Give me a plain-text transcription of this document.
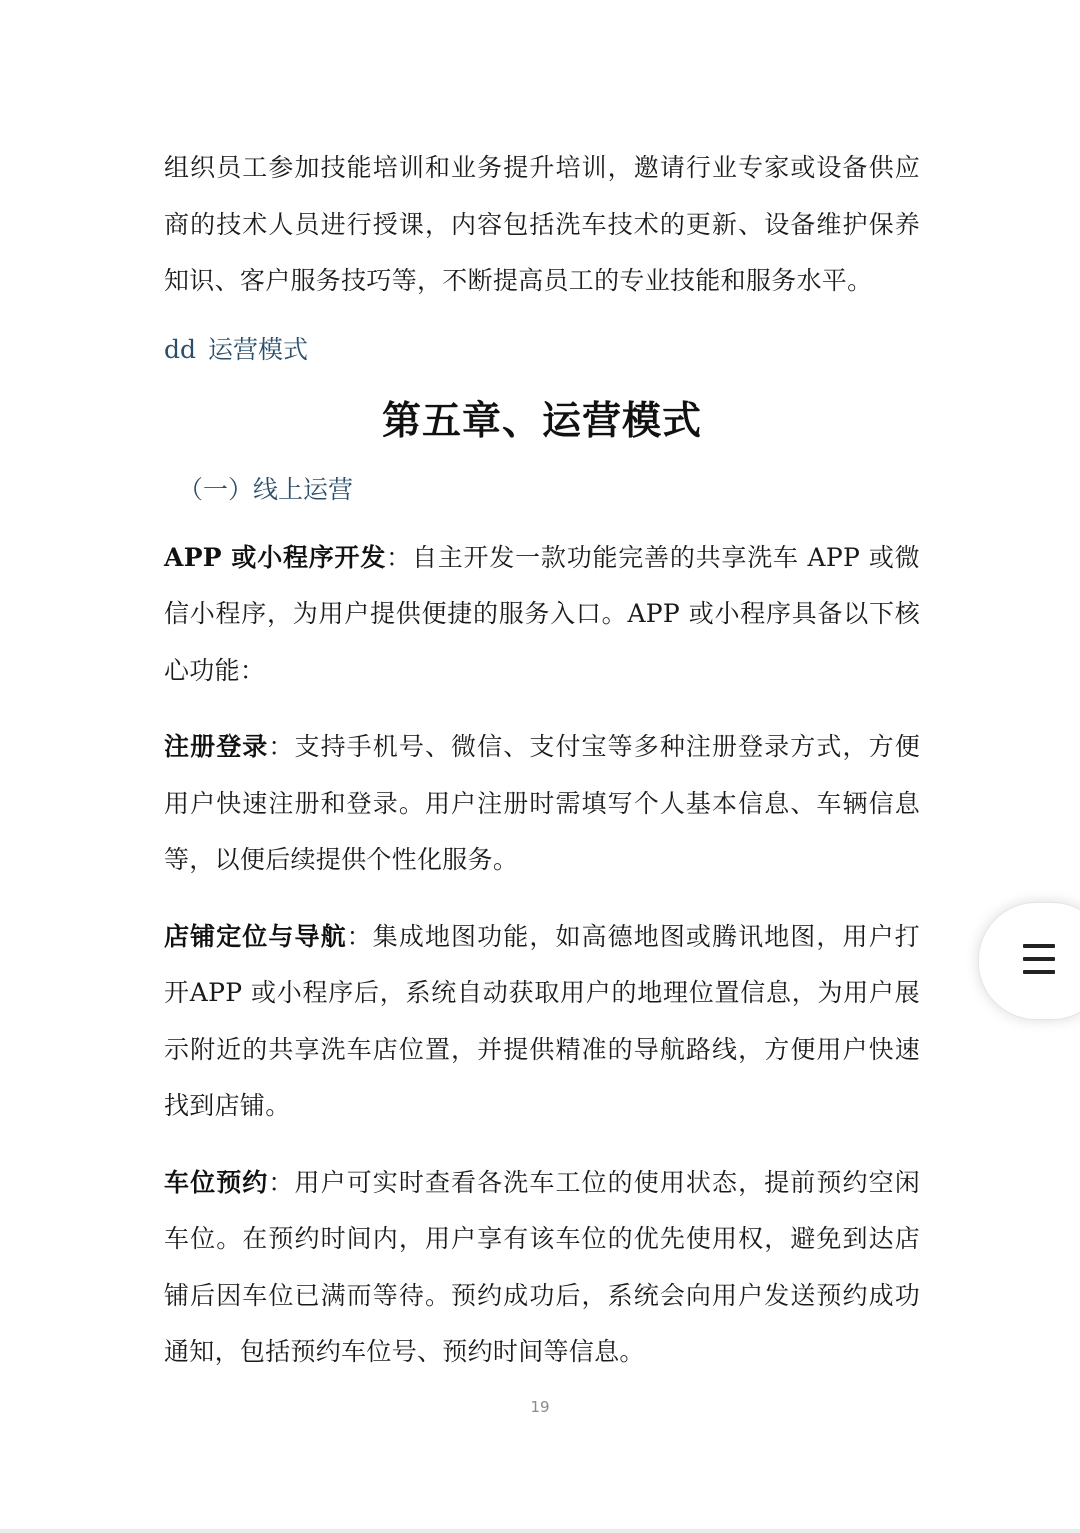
组织员工参加技能培训和业务提升培训，邀请行业专家或设备供应商的技术人员进行授课，内容包括洗车技术的更新、设备维护保养知识、客户服务技巧等，不断提高员工的专业技能和服务水平。

dd 运营模式
第五章、运营模式
（一）线上运营

APP 或小程序开发：自主开发一款功能完善的共享洗车 APP 或微信小程序，为用户提供便捷的服务入口。APP 或小程序具备以下核心功能：

注册登录：支持手机号、微信、支付宝等多种注册登录方式，方便用户快速注册和登录。用户注册时需填写个人基本信息、车辆信息等，以便后续提供个性化服务。

店铺定位与导航：集成地图功能，如高德地图或腾讯地图，用户打开APP 或小程序后，系统自动获取用户的地理位置信息，为用户展示附近的共享洗车店位置，并提供精准的导航路线，方便用户快速找到店铺。

车位预约：用户可实时查看各洗车工位的使用状态，提前预约空闲车位。在预约时间内，用户享有该车位的优先使用权，避免到达店铺后因车位已满而等待。预约成功后，系统会向用户发送预约成功通知，包括预约车位号、预约时间等信息。

19
